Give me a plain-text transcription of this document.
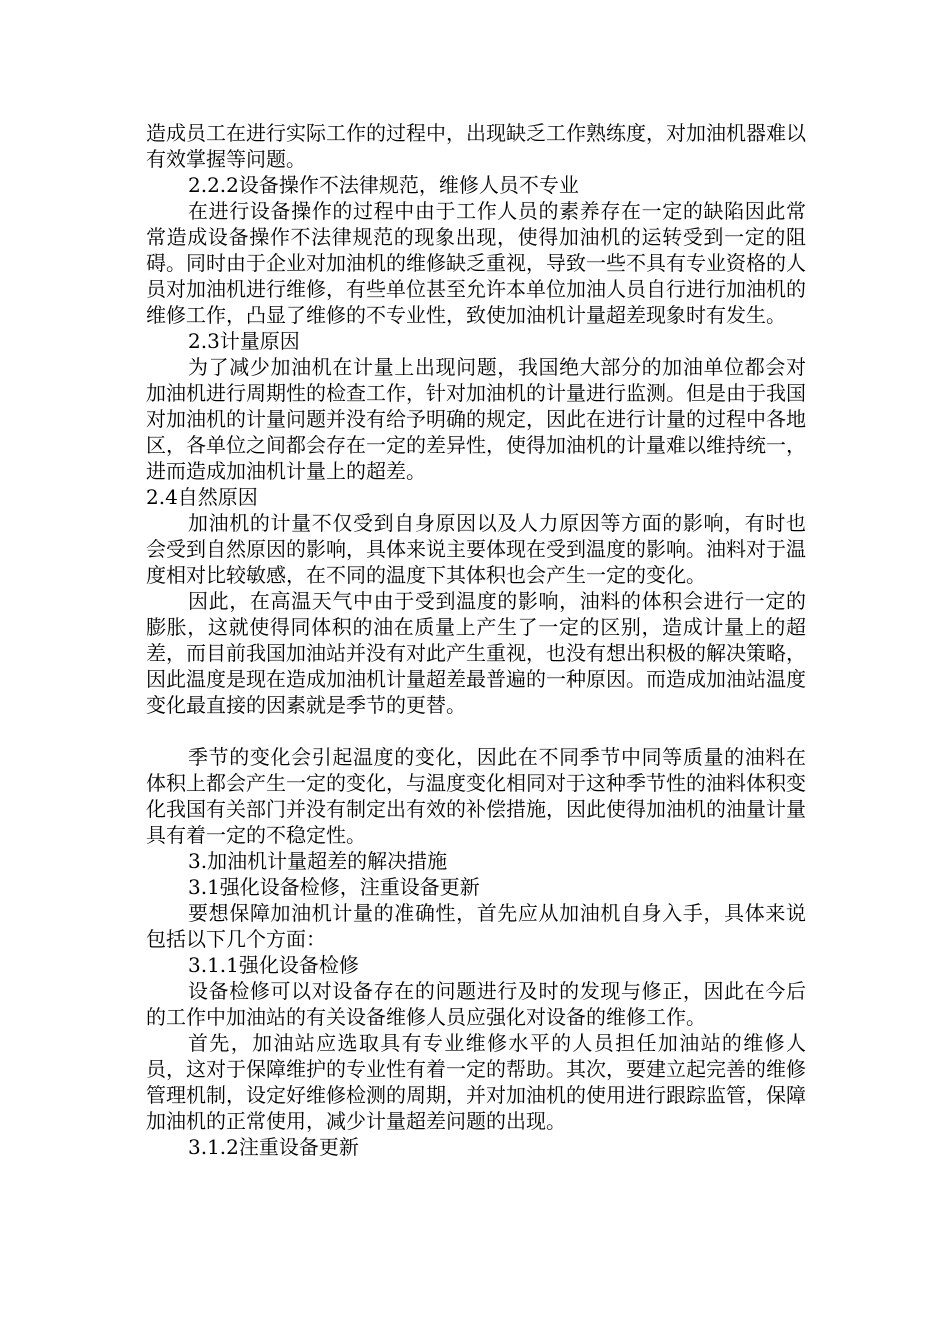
造成员工在进行实际工作的过程中，出现缺乏工作熟练度，对加油机器难以有效掌握等问题。

2.2.2设备操作不法律规范，维修人员不专业

在进行设备操作的过程中由于工作人员的素养存在一定的缺陷因此常常造成设备操作不法律规范的现象出现，使得加油机的运转受到一定的阻碍。同时由于企业对加油机的维修缺乏重视，导致一些不具有专业资格的人员对加油机进行维修，有些单位甚至允许本单位加油人员自行进行加油机的维修工作，凸显了维修的不专业性，致使加油机计量超差现象时有发生。

2.3计量原因

为了减少加油机在计量上出现问题，我国绝大部分的加油单位都会对加油机进行周期性的检查工作，针对加油机的计量进行监测。但是由于我国对加油机的计量问题并没有给予明确的规定，因此在进行计量的过程中各地区，各单位之间都会存在一定的差异性，使得加油机的计量难以维持统一，进而造成加油机计量上的超差。

2.4自然原因

加油机的计量不仅受到自身原因以及人力原因等方面的影响，有时也会受到自然原因的影响，具体来说主要体现在受到温度的影响。油料对于温度相对比较敏感，在不同的温度下其体积也会产生一定的变化。

因此，在高温天气中由于受到温度的影响，油料的体积会进行一定的膨胀，这就使得同体积的油在质量上产生了一定的区别，造成计量上的超差，而目前我国加油站并没有对此产生重视，也没有想出积极的解决策略，因此温度是现在造成加油机计量超差最普遍的一种原因。而造成加油站温度变化最直接的因素就是季节的更替。

季节的变化会引起温度的变化，因此在不同季节中同等质量的油料在体积上都会产生一定的变化，与温度变化相同对于这种季节性的油料体积变化我国有关部门并没有制定出有效的补偿措施，因此使得加油机的油量计量具有着一定的不稳定性。

3.加油机计量超差的解决措施

3.1强化设备检修，注重设备更新

要想保障加油机计量的准确性，首先应从加油机自身入手，具体来说包括以下几个方面：

3.1.1强化设备检修

设备检修可以对设备存在的问题进行及时的发现与修正，因此在今后的工作中加油站的有关设备维修人员应强化对设备的维修工作。

首先，加油站应选取具有专业维修水平的人员担任加油站的维修人员，这对于保障维护的专业性有着一定的帮助。其次，要建立起完善的维修管理机制，设定好维修检测的周期，并对加油机的使用进行跟踪监管，保障加油机的正常使用，减少计量超差问题的出现。

3.1.2注重设备更新
